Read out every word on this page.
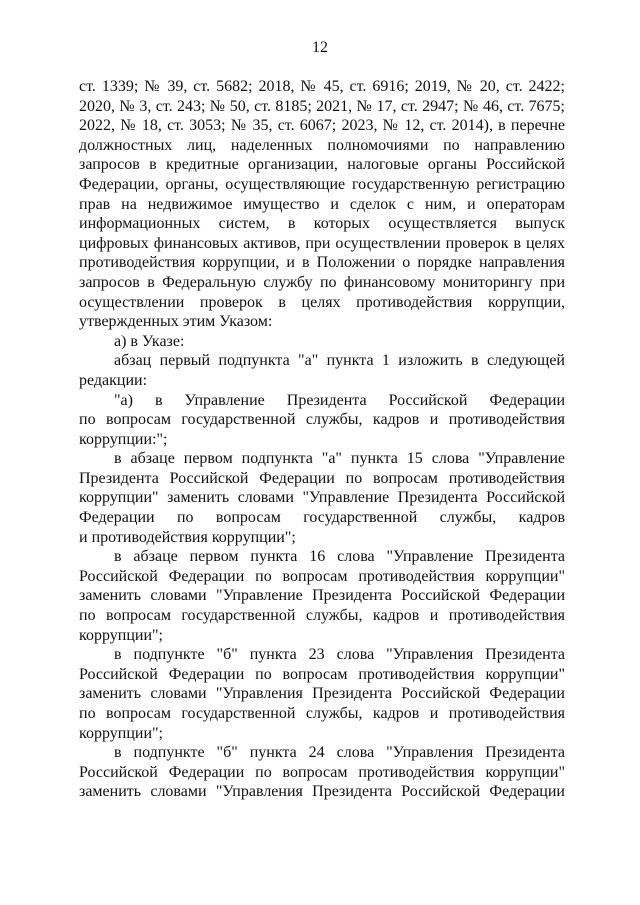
12
ст. 1339; № 39, ст. 5682; 2018, № 45, ст. 6916; 2019, № 20, ст. 2422;
2020, № 3, ст. 243; № 50, ст. 8185; 2021, № 17, ст. 2947; № 46, ст. 7675;
2022, № 18, ст. 3053; № 35, ст. 6067; 2023, № 12, ст. 2014), в перечне
должностных лиц, наделенных полномочиями по направлению
запросов в кредитные организации, налоговые органы Российской
Федерации, органы, осуществляющие государственную регистрацию
прав на недвижимое имущество и сделок с ним, и операторам
информационных систем, в которых осуществляется выпуск
цифровых финансовых активов, при осуществлении проверок в целях
противодействия коррупции, и в Положении о порядке направления
запросов в Федеральную службу по финансовому мониторингу при
осуществлении проверок в целях противодействия коррупции,
утвержденных этим Указом:
а) в Указе:
абзац первый подпункта "а" пункта 1 изложить в следующей
редакции:
"а) в Управление Президента Российской Федерации
по вопросам государственной службы, кадров и противодействия
коррупции:";
в абзаце первом подпункта "а" пункта 15 слова "Управление
Президента Российской Федерации по вопросам противодействия
коррупции" заменить словами "Управление Президента Российской
Федерации по вопросам государственной службы, кадров
и противодействия коррупции";
в абзаце первом пункта 16 слова "Управление Президента
Российской Федерации по вопросам противодействия коррупции"
заменить словами "Управление Президента Российской Федерации
по вопросам государственной службы, кадров и противодействия
коррупции";
в подпункте "б" пункта 23 слова "Управления Президента
Российской Федерации по вопросам противодействия коррупции"
заменить словами "Управления Президента Российской Федерации
по вопросам государственной службы, кадров и противодействия
коррупции";
в подпункте "б" пункта 24 слова "Управления Президента
Российской Федерации по вопросам противодействия коррупции"
заменить словами "Управления Президента Российской Федерации
